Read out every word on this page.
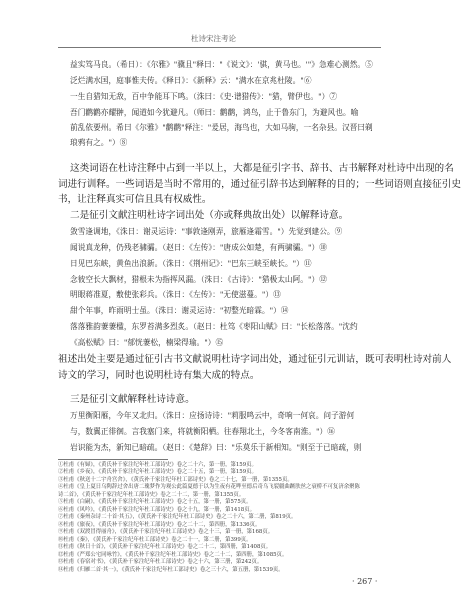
杜诗宋注考论
益实笃马良。（希日）：《尔雅》"骥且"释曰："《说文》：'骐，黄马也。'"》急难心测然。⑤
泛烂满水国，庭事惟夫传。《释日》：《新释》云："满水在京兆杜陵。"⑥
一生自猎知无敌，百中争能耳下鸣。（洙曰：《史·谱猎传》："猎，臂伊也。"）⑦
吾门鹳鹳亦耀翀，闻道如今犹避凡。（师曰：鹳鹳，鸿鸟，止于鲁东门，为避风也。喻
前乱依要州。希曰《尔雅》"鹳鹳"释注："爰居，海鸟也，大如马驹，一名杂县。汉晋曰剃
琅鸦有之。"）⑧
这类词语在杜诗注释中占到一半以上，大都是征引字书、辞书、古书解释对杜诗中出现的名
词进行训释。一些词语是当时不常用的，通过征引辞书达到解释的目的；一些词语则直接征引史
书，让注释真实可信且具有权威性。
二是征引文献注明杜诗字词出处（亦或释典故出处）以解释诗意。
敛雪逢调地，《洙日：谢灵运诗："事敦逢刚弄，旅雁逢霜雪。"）先觉到建公。⑨
闻说真龙种，仍残老骕骦。（赵日：《左传》："唐成公如楚，有两骕骦。"）⑩
日见巴东峡，黄鱼出浪新。（洙日：《荆州记》："巴东三峡至峡长。"）⑪
念彼空长大飘材，猎根未为指挥风漏。（洙日：《古诗》："猎极太山阿。"）⑫
明眼蒋准夏，敷使张彩兵。（洙日：《左传》："无使滋蔓。"）⑬
甜个年事，昨雨明士虽。（洙日：谢灵运诗："初整光暗霖。"）⑭
落落雅韵萋萋楹，东罗苔满多烈炙。（赵日：杜笃《枣阳山赋》曰："长松落落。"沈约
《高松赋》曰："郁恍萋松，楠梁得瑜。"）⑮
祖述出处主要是通过征引古书文献说明杜诗字词出处，通过征引元训诂，既可表明杜诗对前人
诗文的学习，同时也说明杜诗有集大成的特点。
三是征引文献解释杜诗诗意。
万里衡阳雁，今年又北归。（洙日：应扬诗诗："莉服鸣云中，奇响一何哀。问子游何
与，数翼正徘徊。言我塞门来，将就衡阳栖。往春翔北土，今冬客南淮。"）⑯
岩识能为杰，新知已暗疏。（赵日：《楚辞》曰："乐莫乐于新相知。"则至于已暗疏，则
①杜甫《有婦》，《黄氏补千家注纪年杜工部诗史》卷之二十六，第一册，第159页。
②杜甫《乡夜》，《黄氏补千家注纪年杜工部诗史》卷之二十五，第一册，第159页。
③杜甫《秋送十二宇舟宫舍》，《黄氏补千家注纪年杜工部诗史》卷之二十七，第一册，第1355页。
④杜甫《皇上夏日乌陶辞过舍出唐二瑰梦作为观公此篇夏德于以为生夜有花哗至德后奇乌飞裂疆曲蹶肤丝之衰桥不可复济余聚陈
诗二首》，《黄氏补千家注纪年杜工部诗史》卷之二十二，第一册，第1355页。
⑤杜甫《白嗣》，《黄氏补千家注纪年杜工部诗史》卷之十五，第一册，第575页。
⑥杜甫《风吟》，《黄氏补千家注纪年杜工部诗史》卷之十九，第一册，第1418页。
⑦杜甫《秦州杂诗二十首·其五》，《黄氏补千家注纪年杜工部诗史》卷之二十六，第二册，第819页。
⑧杜甫《旅夜》，《黄氏补千家注纪年杜工部诗史》卷之二十二，第四册，第1336页。
⑨杜甫《双渡冒得丽舟》，《黄氏补千家注纪年杜工部诗史》卷之十三，第一册，第168页。
⑩杜甫《秦》，《黄氏补千家注纪年杜工部诗史》卷之二十一，第二册，第399页。
⑪杜甫《秋日十首》，《黄氏补千家注纪年杜工部诗史》卷之二十二，第四册，第1408页。
⑫杜甫《严郑公宅同咏竹》，《黄氏补千家注纪年杜工部诗史》卷之二十二，第四册，第1085页。
⑬杜甫《春宿对书》，《黄氏补千家注纪年杜工部诗史》卷之十六，第三册，第242页。
⑭杜甫《归雁二首·其一》，《黄氏补千家注纪年杜工部诗史》卷之三十六，第五册，第1539页。
· 267 ·
